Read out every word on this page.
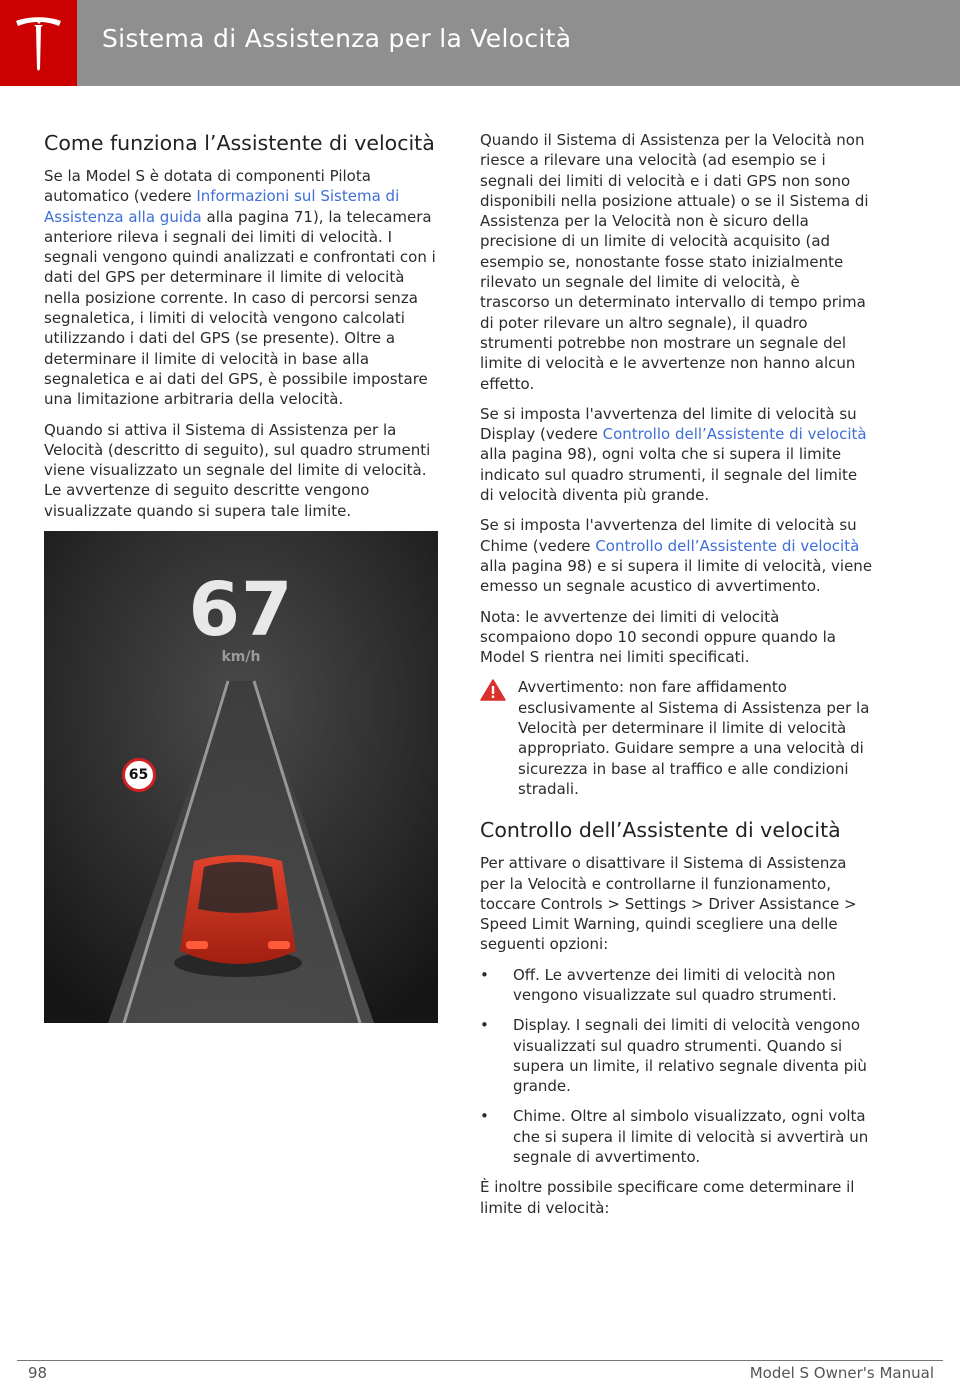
Sistema di Assistenza per la Velocità
Come funziona l’Assistente di velocità

Se la Model S è dotata di componenti Pilota automatico (vedere Informazioni sul Sistema di Assistenza alla guida alla pagina 71), la telecamera anteriore rileva i segnali dei limiti di velocità. I segnali vengono quindi analizzati e confrontati con i dati del GPS per determinare il limite di velocità nella posizione corrente. In caso di percorsi senza segnaletica, i limiti di velocità vengono calcolati utilizzando i dati del GPS (se presente). Oltre a determinare il limite di velocità in base alla segnaletica e ai dati del GPS, è possibile impostare una limitazione arbitraria della velocità.

Quando si attiva il Sistema di Assistenza per la Velocità (descritto di seguito), sul quadro strumenti viene visualizzato un segnale del limite di velocità. Le avvertenze di seguito descritte vengono visualizzate quando si supera tale limite.

67
km/h
65

Quando il Sistema di Assistenza per la Velocità non riesce a rilevare una velocità (ad esempio se i segnali dei limiti di velocità e i dati GPS non sono disponibili nella posizione attuale) o se il Sistema di Assistenza per la Velocità non è sicuro della precisione di un limite di velocità acquisito (ad esempio se, nonostante fosse stato inizialmente rilevato un segnale del limite di velocità, è trascorso un determinato intervallo di tempo prima di poter rilevare un altro segnale), il quadro strumenti potrebbe non mostrare un segnale del limite di velocità e le avvertenze non hanno alcun effetto.

Se si imposta l'avvertenza del limite di velocità su Display (vedere Controllo dell’Assistente di velocità alla pagina 98), ogni volta che si supera il limite indicato sul quadro strumenti, il segnale del limite di velocità diventa più grande.

Se si imposta l'avvertenza del limite di velocità su Chime (vedere Controllo dell’Assistente di velocità alla pagina 98) e si supera il limite di velocità, viene emesso un segnale acustico di avvertimento.

Nota: le avvertenze dei limiti di velocità scompaiono dopo 10 secondi oppure quando la Model S rientra nei limiti specificati.

Avvertimento: non fare affidamento esclusivamente al Sistema di Assistenza per la Velocità per determinare il limite di velocità appropriato. Guidare sempre a una velocità di sicurezza in base al traffico e alle condizioni stradali.

Controllo dell’Assistente di velocità

Per attivare o disattivare il Sistema di Assistenza per la Velocità e controllarne il funzionamento, toccare Controls > Settings > Driver Assistance > Speed Limit Warning, quindi scegliere una delle seguenti opzioni:

• Off. Le avvertenze dei limiti di velocità non vengono visualizzate sul quadro strumenti.
• Display. I segnali dei limiti di velocità vengono visualizzati sul quadro strumenti. Quando si supera un limite, il relativo segnale diventa più grande.
• Chime. Oltre al simbolo visualizzato, ogni volta che si supera il limite di velocità si avvertirà un segnale di avvertimento.

È inoltre possibile specificare come determinare il limite di velocità:

98	Model S Owner's Manual
